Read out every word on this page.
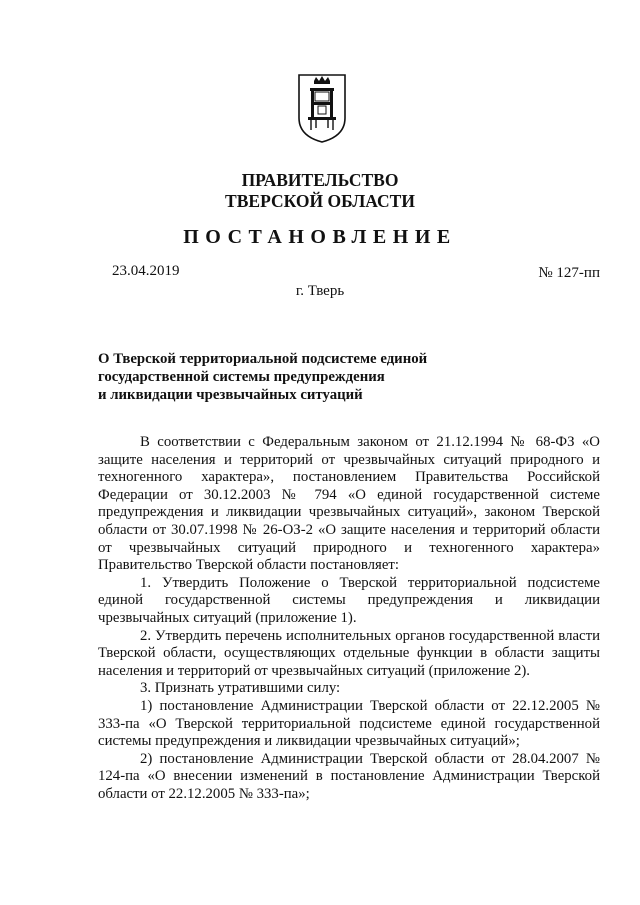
ПРАВИТЕЛЬСТВО
ТВЕРСКОЙ ОБЛАСТИ
ПОСТАНОВЛЕНИЕ
23.04.2019	№ 127-пп
г. Тверь
О Тверской территориальной подсистеме единой
государственной системы предупреждения
и ликвидации чрезвычайных ситуаций

В соответствии с Федеральным законом от 21.12.1994 № 68-ФЗ «О защите населения и территорий от чрезвычайных ситуаций природного и техногенного характера», постановлением Правительства Российской Федерации от 30.12.2003 № 794 «О единой государственной системе предупреждения и ликвидации чрезвычайных ситуаций», законом Тверской области от 30.07.1998 № 26-ОЗ-2 «О защите населения и территорий области от чрезвычайных ситуаций природного и техногенного характера» Правительство Тверской области постановляет:

1. Утвердить Положение о Тверской территориальной подсистеме единой государственной системы предупреждения и ликвидации чрезвычайных ситуаций (приложение 1).

2. Утвердить перечень исполнительных органов государственной власти Тверской области, осуществляющих отдельные функции в области защиты населения и территорий от чрезвычайных ситуаций (приложение 2).

3. Признать утратившими силу:

1) постановление Администрации Тверской области от 22.12.2005 № 333-па «О Тверской территориальной подсистеме единой государственной системы предупреждения и ликвидации чрезвычайных ситуаций»;

2) постановление Администрации Тверской области от 28.04.2007 № 124-па «О внесении изменений в постановление Администрации Тверской области от 22.12.2005 № 333-па»;
